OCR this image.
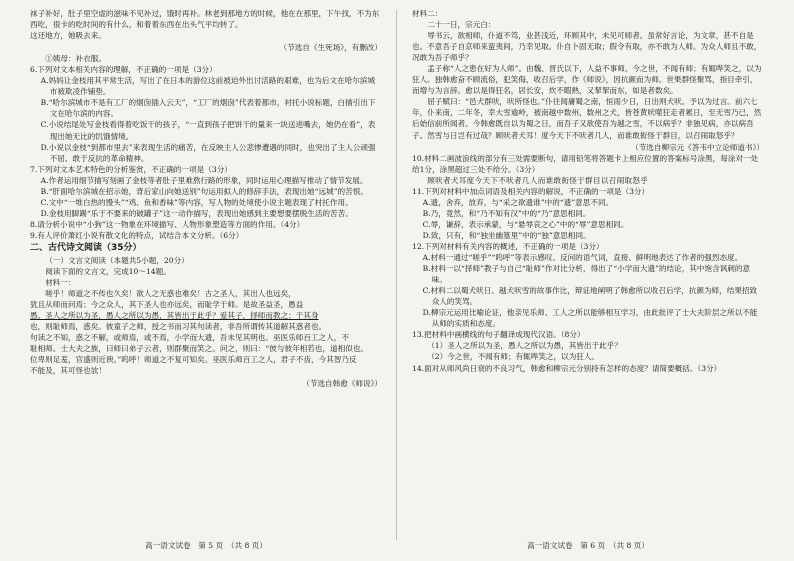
袜子补好，肚子里空虚的滋味不见补过，饿时再补。林老到那地方的时候，他在在那里，下午找，不为东西吃，很卡的吃时间的有什么，和着着东西在出头气平均转了。

这还地方，她吸去来。

（节选自《生死场》，有删改）

①姨母：补衣服。

6.下列对文本相关内容的理解，不正确的一项是（3分）

A.妈妈让金枝用其平常生活，写出了在日本的游位这前被迫外出讨活路的艰难，也为后文在哈尔滨城市被欺凌作铺垫。

B.“哈尔滨城市不是有工厂的烟囱插入云天”，“工厂的烟囱”代表着都市，衬托小说标题，白描引出下文在哈尔滨的内容。

C.小说结尾处写金枝看得着吃饭干的孩子，“一直到孩子把饼干的量来一块送进嘴去，她仍在看”，表现出她无比的饥饿情境。

D.小说以金枝“到都市里去”来表现生活的痛苦，在反映主人公悲惨遭遇的同时，也突出了主人公顽强不屈、敢于反抗的革命精神。

7.下列对文本艺术特色的分析鉴赏，不正确的一项是（3分）

A.作者运用细节描写刻画了金枝等者肚子里难熬行路的形象，同时运用心理描写推动了情节发展。

B.“肝面哈尔滨城在招示她，背后家山向她送别”句运用拟人的修辞手法，表现出她“远城”的苦恨。

C.文中“一堆白热的馒头”“鸡、鱼和香味”等内容，写人物的处境使小说主题表现了村托作用。

D.金枝用脚踢“乐于不要来的破罐子”这一动作描写，表现出她感到主要想要摆脱生活的苦苦。

8.请分析小说中“小狗”这一物象在环境描写、人物形象塑造等方面的作用。（4分）

9.有人评价萧红小说有散文化的特点，试结合本文分析。（6分）

二、古代诗文阅读（35分）

（一）文言文阅读（本题共5小题，20分）

阅读下面的文言文，完成10～14题。

材料一：

嗟乎！师道之不传也久矣！欲人之无惑也难矣！古之圣人，其出人也远矣，

犹且从师而问焉；今之众人，其下圣人也亦远矣，而耻学于师。是故圣益圣，愚益

愚。圣人之所以为圣，愚人之所以为愚，其皆出于此乎？爱其子，择师而教之；于其身

也，则耻师焉，惑矣。彼童子之师，授之书而习其句读者，非吾所谓传其道解其惑者也。

句读之不知，惑之不解，或师焉，或不焉，小学而大遗，吾未见其明也。巫医乐师百工之人，不

耻相师。士大夫之族，曰师曰弟子云者，则群聚而笑之。问之，则曰：“彼与彼年相若也，道相似也。

位卑则足羞，官盛则近谀。”呜呼！师道之不复可知矣。巫医乐师百工之人，君子不齿，今其智乃反

不能及，其可怪也欤！

（节选自韩愈《师说》）

材料二：

二十一日，宗元白：

辱书云，欲相师，仆道不笃，业甚浅近，环顾其中，未见可师者。虽常好言论，为文章，甚不自是也。不意吾子自京师来蛮夷间，乃幸见取。仆自卜固无取；假令有取，亦不敢为人师。为众人师且不敢，况敢为吾子师乎？

孟子称“人之患在好为人师”。由魏、晋氏以下，人益不事师。今之世，不闻有师；有辄哗笑之，以为狂人。独韩愈奋不顾流俗，犯笑侮，收召后学，作《师说》，因抗颜而为师。世果群怪聚骂，指目牵引，而增与为言辞。愈以是得狂名，居长安，炊不暇熟，又挈挈而东，如是者数矣。

屈子赋曰：“邑犬群吠，吠所怪也。”仆往闻庸蜀之南，恒雨少日，日出则犬吠。予以为过言。前六七年，仆来南，二年冬，幸大雪逾岭，被南越中数州，数州之犬，皆苍黄吠噬狂走者累日，至无雪乃已，然后始信前所闻者。今韩愈既自以为蜀之日，而吾子又欲使吾为越之雪，不以病乎？非独见病，亦以病吾子。然雪与日岂有过哉？顾吠者犬耳！度今天下不吠者几人，而谁敢衒怪于群目，以召闹取怒乎？

（节选自柳宗元《答韦中立论师道书》）

10.材料二画波浪线的部分有三处需要断句，请用铅笔将答题卡上相应位置的答案标号涂黑，每涂对一处给1分，涂黑超过三处不给分。（3分）

顾吠者犬耳度今天下不吠者几人而谁敢衒怪于群目以召闹取怒乎

11.下列对材料中加点词语及相关内容的解说，不正确的一项是（3分）

A.遗，舍弃，放弃，与“采之欲遗谁”中的“遗”意思不同。

B.乃，竟然，和“乃不知有汉”中的“乃”意思相同。

C.辱，谦辞，表示承蒙，与“悬辱哀之心”中的“辱”意思相同。

D.致，只有，和“独坐幽篁里”中的“独”意思相同。

12.下列对材料有关内容的概述，不正确的一项是（3分）

A.材料一通过“嗟乎”“呜呼”等表示感叹、反问的语气词，直接、鲜明地表达了作者的强烈态度。

B.材料一以“择师”教子与自己“耻师”作对比分析，得出了“小学而大遗”的结论，其中饱含讽刺的意味。

C.材料二以蜀犬吠日、越犬吠雪的故事作比，辩证地阐明了韩愈所以收召后学，抗颜为师，结果招致众人的笑骂。

D.柳宗元运用比喻论证，他亲见乐师、工人之所以能够相互学习，由此批评了士大夫阶层之所以不能从师的实质和态度。

13.把材料中画横线的句子翻译成现代汉语。（8分）

（1）圣人之所以为圣，愚人之所以为愚，其皆出于此乎？

（2）今之世，不闻有师；有辄哗笑之，以为狂人。

14.面对从师风尚日衰的不良习气，韩愈和柳宗元分别持有怎样的态度？请简要概括。（3分）

高一语文试卷　第 5 页　（共 8 页）	高一语文试卷　第 6 页　（共 8 页）
